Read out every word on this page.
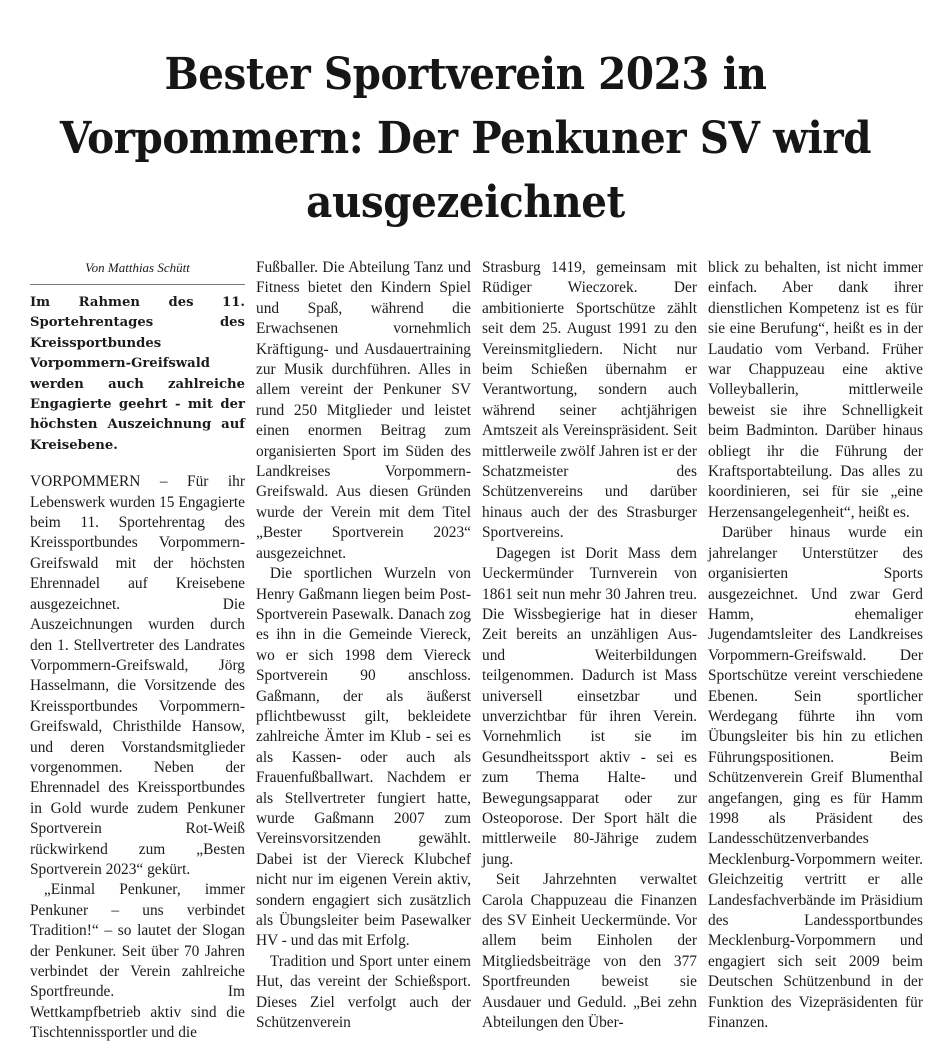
Bester Sportverein 2023 in Vorpommern: Der Penkuner SV wird ausgezeichnet
Von Matthias Schütt
Im Rahmen des 11. Sportehrentages des Kreissportbundes Vorpommern-Greifswald werden auch zahlreiche Engagierte geehrt - mit der höchsten Auszeichnung auf Kreisebene.

VORPOMMERN – Für ihr Lebenswerk wurden 15 Engagierte beim 11. Sportehrentag des Kreissportbundes Vorpommern-Greifswald mit der höchsten Ehrennadel auf Kreisebene ausgezeichnet. Die Auszeichnungen wurden durch den 1. Stellvertreter des Landrates Vorpommern-Greifswald, Jörg Hasselmann, die Vorsitzende des Kreissportbundes Vorpommern-Greifswald, Christhilde Hansow, und deren Vorstandsmitglieder vorgenommen. Neben der Ehrennadel des Kreissportbundes in Gold wurde zudem Penkuner Sportverein Rot-Weiß rückwirkend zum „Besten Sportverein 2023“ gekürt.

„Einmal Penkuner, immer Penkuner – uns verbindet Tradition!“ – so lautet der Slogan der Penkuner. Seit über 70 Jahren verbindet der Verein zahlreiche Sportfreunde. Im Wettkampfbetrieb aktiv sind die Tischtennissportler und die

Fußballer. Die Abteilung Tanz und Fitness bietet den Kindern Spiel und Spaß, während die Erwachsenen vornehmlich Kräftigung- und Ausdauertraining zur Musik durchführen. Alles in allem vereint der Penkuner SV rund 250 Mitglieder und leistet einen enormen Beitrag zum organisierten Sport im Süden des Landkreises Vorpommern-Greifswald. Aus diesen Gründen wurde der Verein mit dem Titel „Bester Sportverein 2023“ ausgezeichnet.

Die sportlichen Wurzeln von Henry Gaßmann liegen beim Post-Sportverein Pasewalk. Danach zog es ihn in die Gemeinde Viereck, wo er sich 1998 dem Viereck Sportverein 90 anschloss. Gaßmann, der als äußerst pflichtbewusst gilt, bekleidete zahlreiche Ämter im Klub - sei es als Kassen- oder auch als Frauenfußballwart. Nachdem er als Stellvertreter fungiert hatte, wurde Gaßmann 2007 zum Vereinsvorsitzenden gewählt. Dabei ist der Viereck Klubchef nicht nur im eigenen Verein aktiv, sondern engagiert sich zusätzlich als Übungsleiter beim Pasewalker HV - und das mit Erfolg.

Tradition und Sport unter einem Hut, das vereint der Schießsport. Dieses Ziel verfolgt auch der Schützenverein

Strasburg 1419, gemeinsam mit Rüdiger Wieczorek. Der ambitionierte Sportschütze zählt seit dem 25. August 1991 zu den Vereinsmitgliedern. Nicht nur beim Schießen übernahm er Verantwortung, sondern auch während seiner achtjährigen Amtszeit als Vereinspräsident. Seit mittlerweile zwölf Jahren ist er der Schatzmeister des Schützenvereins und darüber hinaus auch der des Strasburger Sportvereins.

Dagegen ist Dorit Mass dem Ueckermünder Turnverein von 1861 seit nun mehr 30 Jahren treu. Die Wissbegierige hat in dieser Zeit bereits an unzähligen Aus- und Weiterbildungen teilgenommen. Dadurch ist Mass universell einsetzbar und unverzichtbar für ihren Verein. Vornehmlich ist sie im Gesundheitssport aktiv - sei es zum Thema Halte- und Bewegungsapparat oder zur Osteoporose. Der Sport hält die mittlerweile 80-Jährige zudem jung.

Seit Jahrzehnten verwaltet Carola Chappuzeau die Finanzen des SV Einheit Ueckermünde. Vor allem beim Einholen der Mitgliedsbeiträge von den 377 Sportfreunden beweist sie Ausdauer und Geduld. „Bei zehn Abteilungen den Über-

blick zu behalten, ist nicht immer einfach. Aber dank ihrer dienstlichen Kompetenz ist es für sie eine Berufung“, heißt es in der Laudatio vom Verband. Früher war Chappuzeau eine aktive Volleyballerin, mittlerweile beweist sie ihre Schnelligkeit beim Badminton. Darüber hinaus obliegt ihr die Führung der Kraftsportabteilung. Das alles zu koordinieren, sei für sie „eine Herzensangelegenheit“, heißt es.

Darüber hinaus wurde ein jahrelanger Unterstützer des organisierten Sports ausgezeichnet. Und zwar Gerd Hamm, ehemaliger Jugendamtsleiter des Landkreises Vorpommern-Greifswald. Der Sportschütze vereint verschiedene Ebenen. Sein sportlicher Werdegang führte ihn vom Übungsleiter bis hin zu etlichen Führungspositionen. Beim Schützenverein Greif Blumenthal angefangen, ging es für Hamm 1998 als Präsident des Landesschützenverbandes Mecklenburg-Vorpommern weiter. Gleichzeitig vertritt er alle Landesfachverbände im Präsidium des Landessportbundes Mecklenburg-Vorpommern und engagiert sich seit 2009 beim Deutschen Schützenbund in der Funktion des Vizepräsidenten für Finanzen.
